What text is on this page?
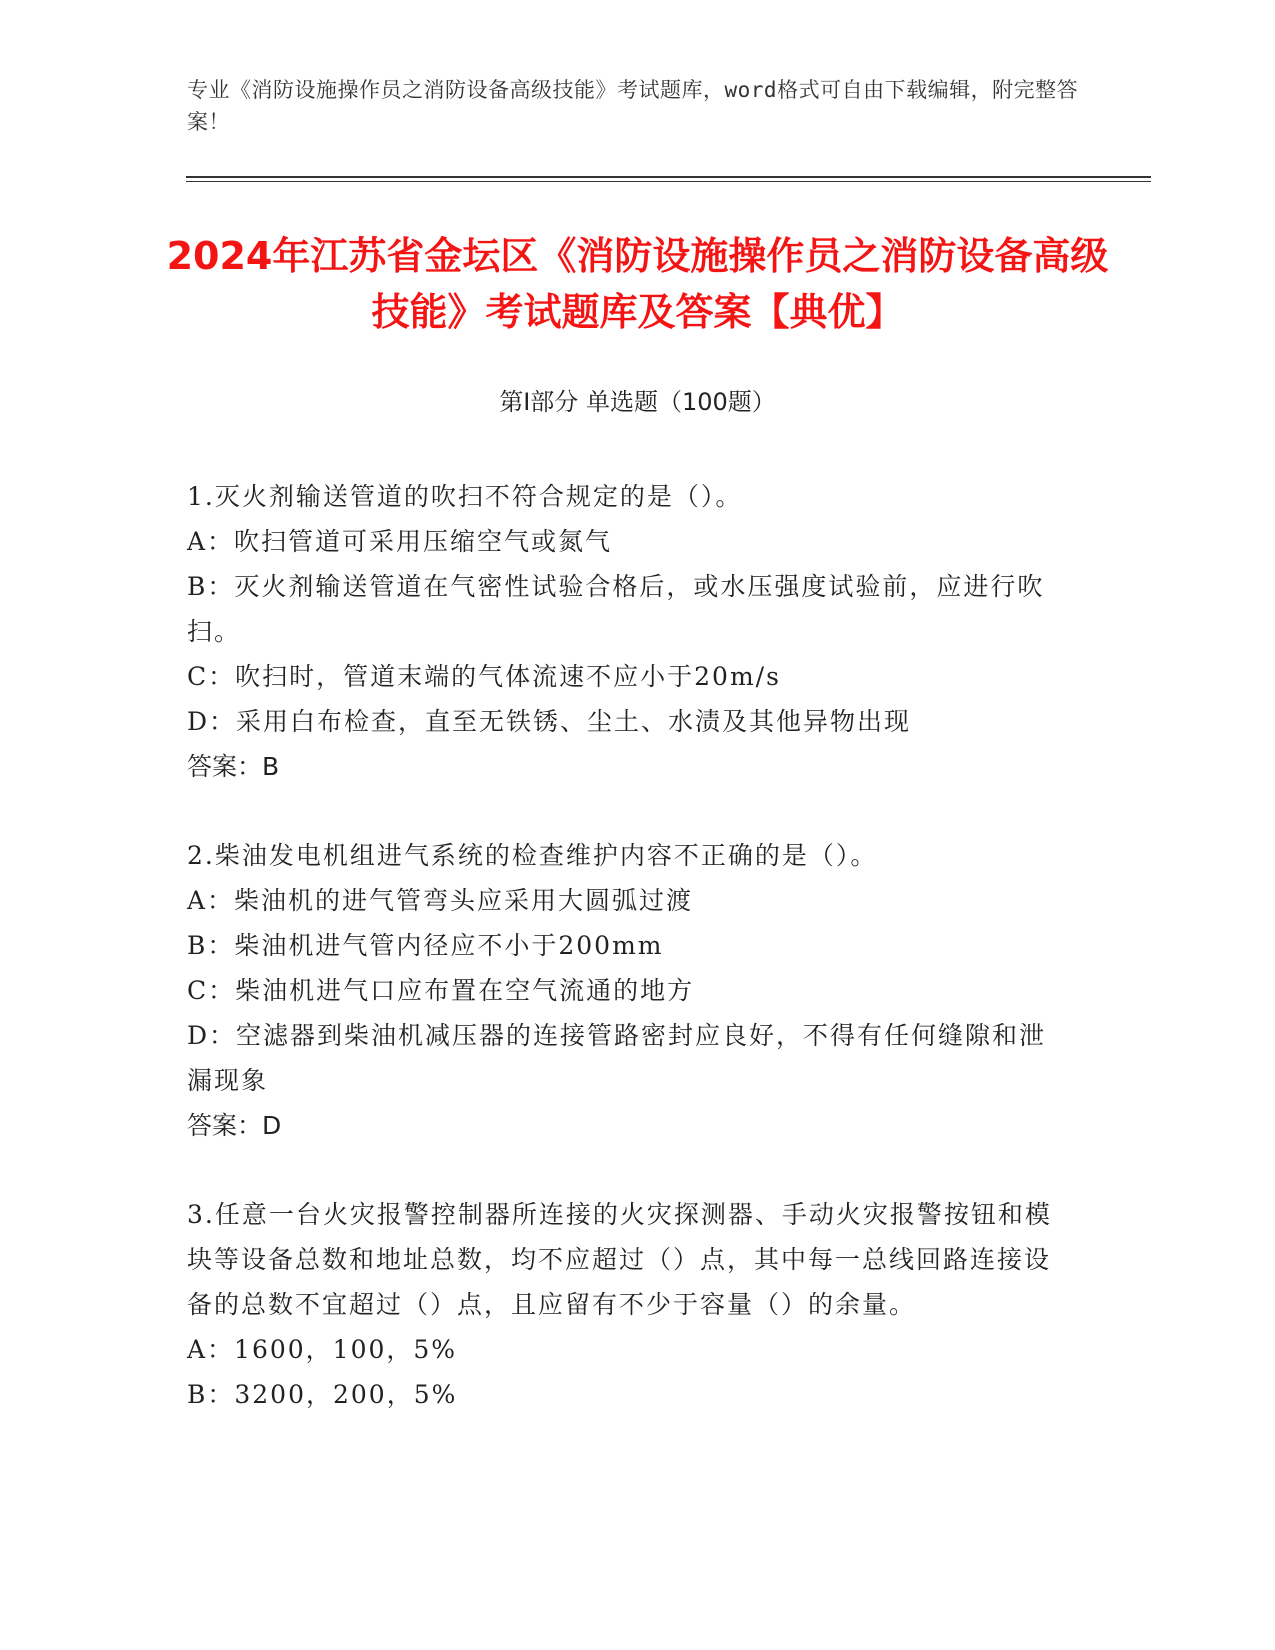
专业《消防设施操作员之消防设备高级技能》考试题库，word格式可自由下载编辑，附完整答案！
2024年江苏省金坛区《消防设施操作员之消防设备高级技能》考试题库及答案【典优】
第I部分 单选题（100题）

1.灭火剂输送管道的吹扫不符合规定的是（）。

A：吹扫管道可采用压缩空气或氮气

B：灭火剂输送管道在气密性试验合格后，或水压强度试验前，应进行吹扫。

C：吹扫时，管道末端的气体流速不应小于20m/s

D：采用白布检查，直至无铁锈、尘土、水渍及其他异物出现

答案：B

2.柴油发电机组进气系统的检查维护内容不正确的是（）。

A：柴油机的进气管弯头应采用大圆弧过渡

B：柴油机进气管内径应不小于200mm

C：柴油机进气口应布置在空气流通的地方

D：空滤器到柴油机减压器的连接管路密封应良好，不得有任何缝隙和泄漏现象

答案：D

3.任意一台火灾报警控制器所连接的火灾探测器、手动火灾报警按钮和模块等设备总数和地址总数，均不应超过（）点，其中每一总线回路连接设备的总数不宜超过（）点，且应留有不少于容量（）的余量。

A：1600，100，5%

B：3200，200，5%
